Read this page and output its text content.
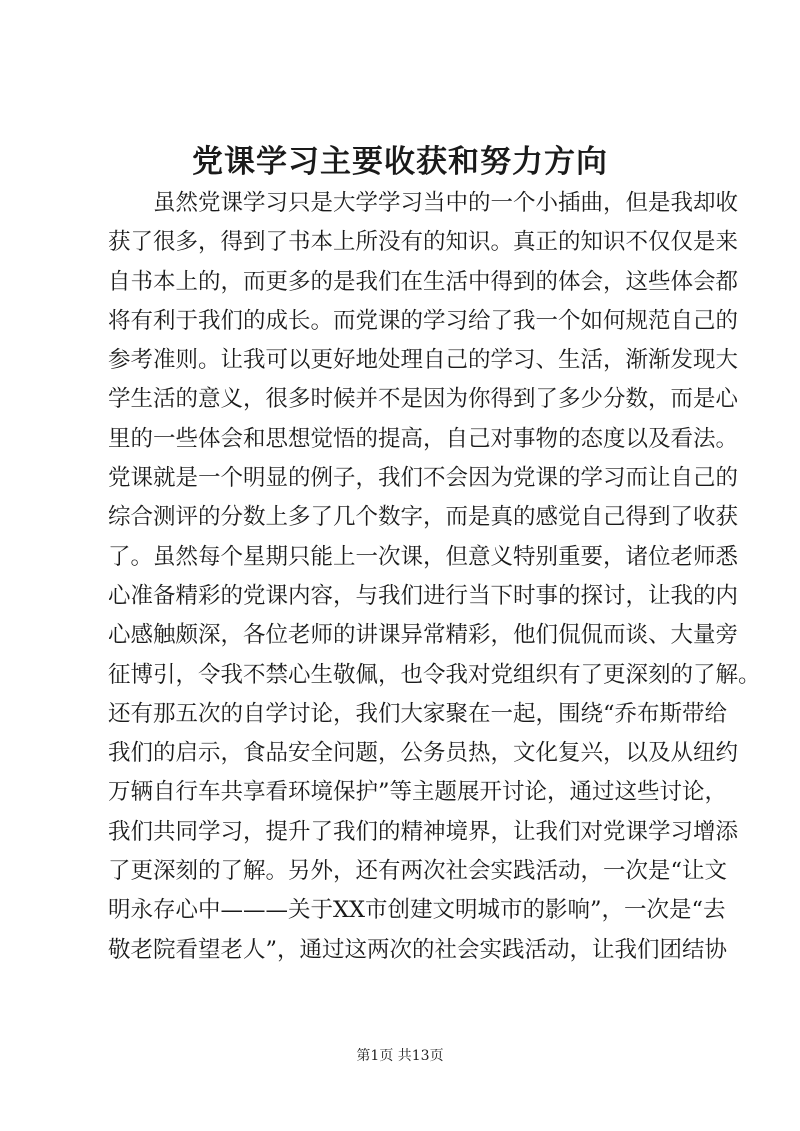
党课学习主要收获和努力方向
　　虽然党课学习只是大学学习当中的一个小插曲，但是我却收
获了很多，得到了书本上所没有的知识。真正的知识不仅仅是来
自书本上的，而更多的是我们在生活中得到的体会，这些体会都
将有利于我们的成长。而党课的学习给了我一个如何规范自己的
参考准则。让我可以更好地处理自己的学习、生活，渐渐发现大
学生活的意义，很多时候并不是因为你得到了多少分数，而是心
里的一些体会和思想觉悟的提高，自己对事物的态度以及看法。
党课就是一个明显的例子，我们不会因为党课的学习而让自己的
综合测评的分数上多了几个数字，而是真的感觉自己得到了收获
了。虽然每个星期只能上一次课，但意义特别重要，诸位老师悉
心准备精彩的党课内容，与我们进行当下时事的探讨，让我的内
心感触颇深，各位老师的讲课异常精彩，他们侃侃而谈、大量旁
征博引，令我不禁心生敬佩，也令我对党组织有了更深刻的了解。
还有那五次的自学讨论，我们大家聚在一起，围绕“乔布斯带给
我们的启示，食品安全问题，公务员热，文化复兴，以及从纽约
万辆自行车共享看环境保护”等主题展开讨论，通过这些讨论，
我们共同学习，提升了我们的精神境界，让我们对党课学习增添
了更深刻的了解。另外，还有两次社会实践活动，一次是“让文
明永存心中———关于XX市创建文明城市的影响”，一次是“去
敬老院看望老人”，通过这两次的社会实践活动，让我们团结协
第1页 共13页
